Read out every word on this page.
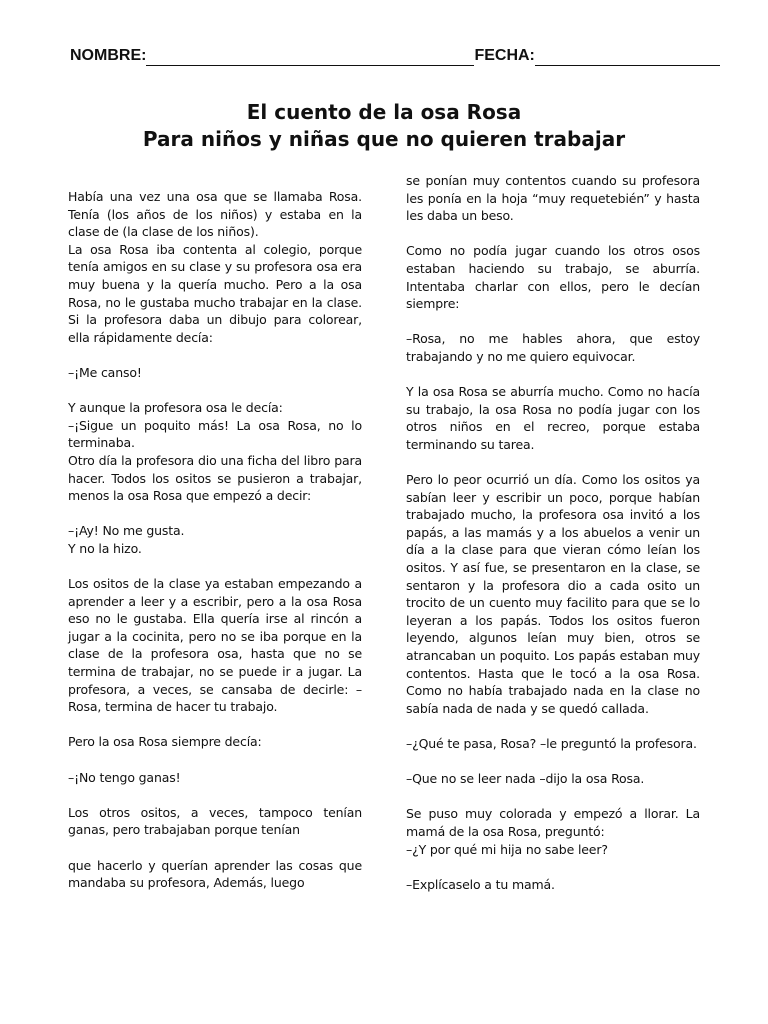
NOMBRE:	FECHA:
El cuento de la osa Rosa
Para niños y niñas que no quieren trabajar

Había una vez una osa que se llamaba Rosa. Tenía (los años de los niños) y estaba en la clase de (la clase de los niños).

La osa Rosa iba contenta al colegio, porque tenía amigos en su clase y su profesora osa era muy buena y la quería mucho. Pero a la osa Rosa, no le gustaba mucho trabajar en la clase. Si la profesora daba un dibujo para colorear, ella rápidamente decía:

–¡Me canso!

Y aunque la profesora osa le decía:

–¡Sigue un poquito más! La osa Rosa, no lo terminaba.

Otro día la profesora dio una ficha del libro para hacer. Todos los ositos se pusieron a trabajar, menos la osa Rosa que empezó a decir:

–¡Ay! No me gusta.

Y no la hizo.

Los ositos de la clase ya estaban empezando a aprender a leer y a escribir, pero a la osa Rosa eso no le gustaba. Ella quería irse al rincón a jugar a la cocinita, pero no se iba porque en la clase de la profesora osa, hasta que no se termina de trabajar, no se puede ir a jugar. La profesora, a veces, se cansaba de decirle: – Rosa, termina de hacer tu trabajo.

Pero la osa Rosa siempre decía:

–¡No tengo ganas!

Los otros ositos, a veces, tampoco tenían ganas, pero trabajaban porque tenían

que hacerlo y querían aprender las cosas que mandaba su profesora, Además, luego

se ponían muy contentos cuando su profesora les ponía en la hoja “muy requetebién” y hasta les daba un beso.

Como no podía jugar cuando los otros osos estaban haciendo su trabajo, se aburría. Intentaba charlar con ellos, pero le decían siempre:

–Rosa, no me hables ahora, que estoy trabajando y no me quiero equivocar.

Y la osa Rosa se aburría mucho. Como no hacía su trabajo, la osa Rosa no podía jugar con los otros niños en el recreo, porque estaba terminando su tarea.

Pero lo peor ocurrió un día. Como los ositos ya sabían leer y escribir un poco, porque habían trabajado mucho, la profesora osa invitó a los papás, a las mamás y a los abuelos a venir un día a la clase para que vieran cómo leían los ositos. Y así fue, se presentaron en la clase, se sentaron y la profesora dio a cada osito un trocito de un cuento muy facilito para que se lo leyeran a los papás. Todos los ositos fueron leyendo, algunos leían muy bien, otros se atrancaban un poquito. Los papás estaban muy contentos. Hasta que le tocó a la osa Rosa. Como no había trabajado nada en la clase no sabía nada de nada y se quedó callada.

–¿Qué te pasa, Rosa? –le preguntó la profesora.

–Que no se leer nada –dijo la osa Rosa.

Se puso muy colorada y empezó a llorar. La mamá de la osa Rosa, preguntó:

–¿Y por qué mi hija no sabe leer?

–Explícaselo a tu mamá.
